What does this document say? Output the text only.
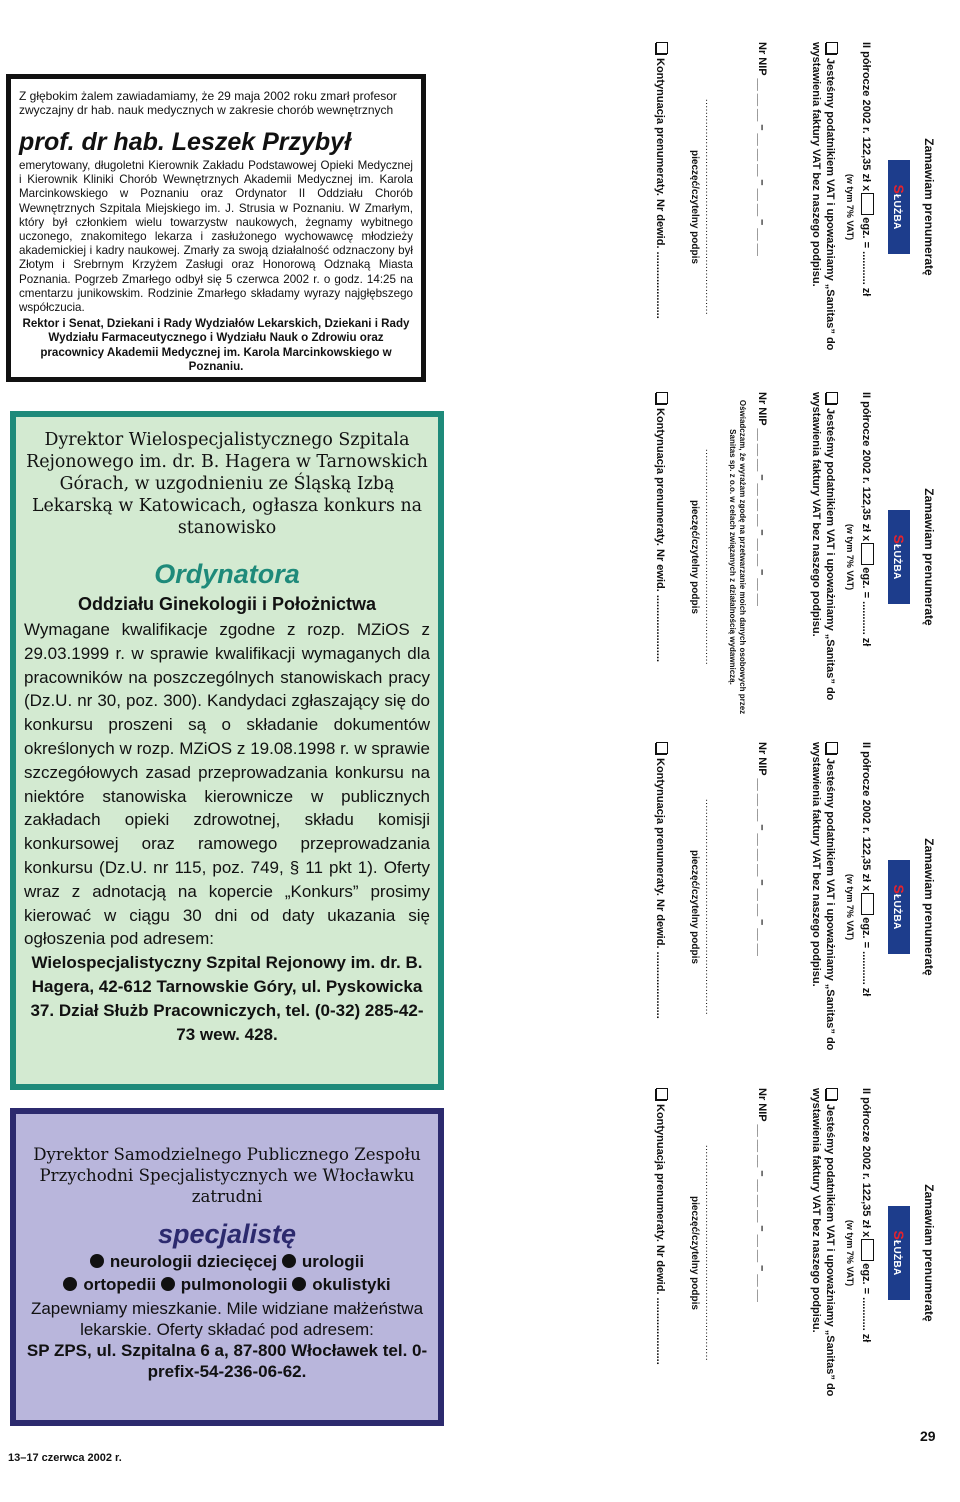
Z głębokim żalem zawiadamiamy, że 29 maja 2002 roku zmarł profesor zwyczajny dr hab. nauk medycznych w zakresie chorób wewnętrznych
prof. dr hab. Leszek Przybył
emerytowany, długoletni Kierownik Zakładu Podstawowej Opieki Medycznej i Kierownik Kliniki Chorób Wewnętrznych Akademii Medycznej im. Karola Marcinkowskiego w Poznaniu oraz Ordynator II Oddziału Chorób Wewnętrznych Szpitala Miejskiego im. J. Strusia w Poznaniu. W Zmarłym, który był członkiem wielu towarzystw naukowych, żegnamy wybitnego uczonego, znakomitego lekarza i zasłużonego wychowawcę młodzieży akademickiej i kadry naukowej. Zmarły za swoją działalność odznaczony był Złotym i Srebrnym Krzyżem Zasługi oraz Honorową Odznaką Miasta Poznania. Pogrzeb Zmarłego odbył się 5 czerwca 2002 r. o godz. 14:25 na cmentarzu junikowskim. Rodzinie Zmarłego składamy wyrazy najgłębszego współczucia.
Rektor i Senat, Dziekani i Rady Wydziałów Lekarskich, Dziekani i Rady Wydziału Farmaceutycznego i Wydziału Nauk o Zdrowiu oraz pracownicy Akademii Medycznej im. Karola Marcinkowskiego w Poznaniu.
Dyrektor Wielospecjalistycznego Szpitala Rejonowego im. dr. B. Hagera w Tarnowskich Górach, w uzgodnieniu ze Śląską Izbą Lekarską w Katowicach, ogłasza konkurs na stanowisko
Ordynatora
Oddziału Ginekologii i Położnictwa
Wymagane kwalifikacje zgodne z rozp. MZiOS z 29.03.1999 r. w sprawie kwalifikacji wymaganych dla pracowników na poszczególnych stanowiskach pracy (Dz.U. nr 30, poz. 300). Kandydaci zgłaszający się do konkursu proszeni są o składanie dokumentów określonych w rozp. MZiOS z 19.08.1998 r. w sprawie szczegółowych zasad przeprowadzania konkursu na niektóre stanowiska kierownicze w publicznych zakładach opieki zdrowotnej, składu komisji konkursowej oraz ramowego przeprowadzania konkursu (Dz.U. nr 115, poz. 749, § 11 pkt 1). Oferty wraz z adnotacją na kopercie „Konkurs” prosimy kierować w ciągu 30 dni od daty ukazania się ogłoszenia pod adresem:
Wielospecjalistyczny Szpital Rejonowy im. dr. B. Hagera, 42-612 Tarnowskie Góry, ul. Pyskowicka 37. Dział Służb Pracowniczych, tel. (0-32) 285-42-73 wew. 428.
Dyrektor Samodzielnego Publicznego Zespołu Przychodni Specjalistycznych we Włocławku zatrudni
specjalistę
neurologii dziecięcej urologii
ortopedii pulmonologii okulistyki
Zapewniamy mieszkanie. Mile widziane małżeństwa lekarskie. Oferty składać pod adresem:
SP ZPS, ul. Szpitalna 6 a, 87-800 Włocławek tel. 0-prefix-54-236-06-62.
13–17 czerwca 2002 r.
29
Zamawiam prenumeratę
SŁUŻBA ZDROWIA
II półrocze 2002 r. 122,35 zł xegz. = ........... zł
(w tym 7% VAT)
Jesteśmy podatnikiem VAT i upoważniamy „Sanitas” do wystawienia faktury VAT bez naszego podpisu.
Nr NIP __ __ __ – __ __ __ – __ __ – __ __
..................................................................
pieczęć/czytelny podpis
Kontynuacja prenumeraty. Nr dewid. ......................
Zamawiam prenumeratę
SŁUŻBA ZDROWIA
II półrocze 2002 r. 122,35 zł xegz. = ........... zł
(w tym 7% VAT)
Jesteśmy podatnikiem VAT i upoważniamy „Sanitas” do wystawienia faktury VAT bez naszego podpisu.
Nr NIP __ __ __ – __ __ __ – __ __ – __ __
Oświadczam, że wyrażam zgodę na przetwarzanie moich danych osobowych przez Sanitas sp. z o.o. w celach związanych z działalnością wydawniczą.
..................................................................
pieczęć/czytelny podpis
Kontynuacja prenumeraty. Nr ewid. ......................
Zamawiam prenumeratę
SŁUŻBA ZDROWIA
II półrocze 2002 r. 122,35 zł xegz. = ........... zł
(w tym 7% VAT)
Jesteśmy podatnikiem VAT i upoważniamy „Sanitas” do wystawienia faktury VAT bez naszego podpisu.
Nr NIP __ __ __ – __ __ __ – __ __ – __ __
..................................................................
pieczęć/czytelny podpis
Kontynuacja prenumeraty. Nr dewid. ......................
Zamawiam prenumeratę
SŁUŻBA ZDROWIA
II półrocze 2002 r. 122,35 zł xegz. = ........... zł
(w tym 7% VAT)
Jesteśmy podatnikiem VAT i upoważniamy „Sanitas” do wystawienia faktury VAT bez naszego podpisu.
Nr NIP __ __ __ – __ __ __ – __ __ – __ __
..................................................................
pieczęć/czytelny podpis
Kontynuacja prenumeraty. Nr dewid. ......................
